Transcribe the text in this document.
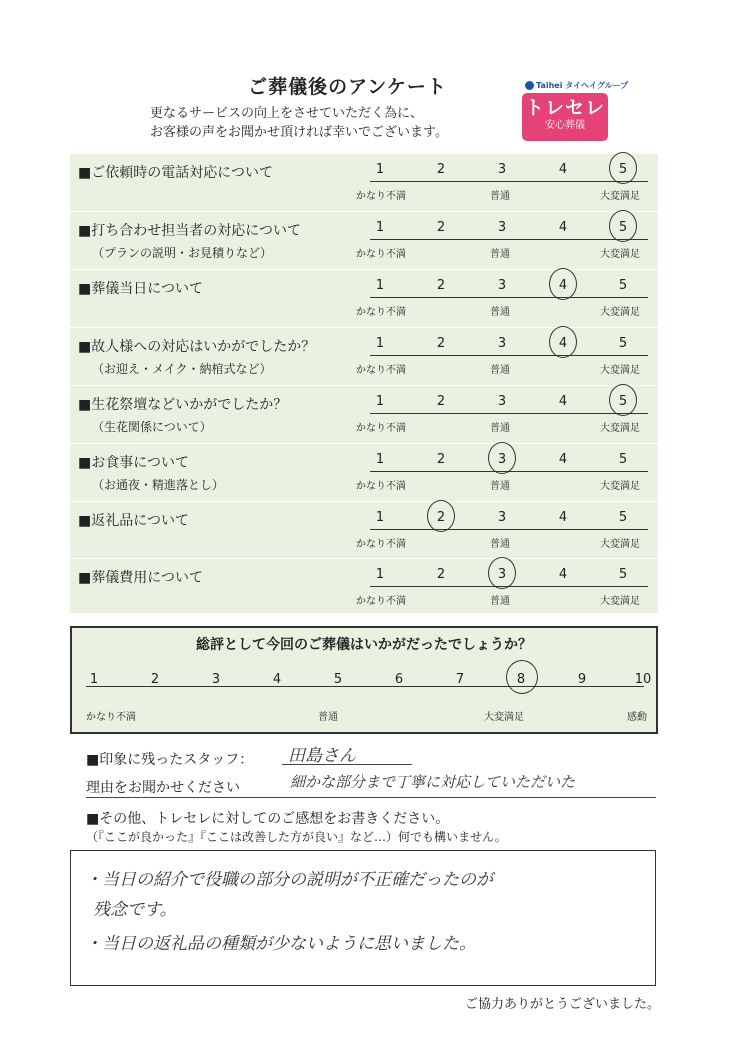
ご葬儀後のアンケート
更なるサービスの向上をさせていただく為に、
お客様の声をお聞かせ頂ければ幸いでございます。
Taihei タイヘイグループ
トレセレ
安心葬儀
■ご依頼時の電話対応について	1	2	3	4	5
かなり不満	普通	大変満足
■打ち合わせ担当者の対応について
（プランの説明・お見積りなど）
1	2	3	4	5
かなり不満	普通	大変満足
■葬儀当日について	1	2	3	4	5
かなり不満	普通	大変満足
■故人様への対応はいかがでしたか？
（お迎え・メイク・納棺式など）
1	2	3	4	5
かなり不満	普通	大変満足
■生花祭壇などいかがでしたか？
（生花関係について）
1	2	3	4	5
かなり不満	普通	大変満足
■お食事について
（お通夜・精進落とし）
1	2	3	4	5
かなり不満	普通	大変満足
■返礼品について	1	2	3	4	5
かなり不満	普通	大変満足
■葬儀費用について	1	2	3	4	5
かなり不満	普通	大変満足
総評として今回のご葬儀はいかがだったでしょうか？
1	2	3	4	5	6	7	8	9	10
かなり不満	普通	大変満足	感動
■印象に残ったスタッフ： 田島さん
理由をお聞かせください	細かな部分まで丁寧に対応していただいた
■その他、トレセレに対してのご感想をお書きください。
（『ここが良かった』『ここは改善した方が良い』など…）何でも構いません。
・当日の紹介で役職の部分の説明が不正確だったのが
残念です。
・当日の返礼品の種類が少ないように思いました。
ご協力ありがとうございました。
